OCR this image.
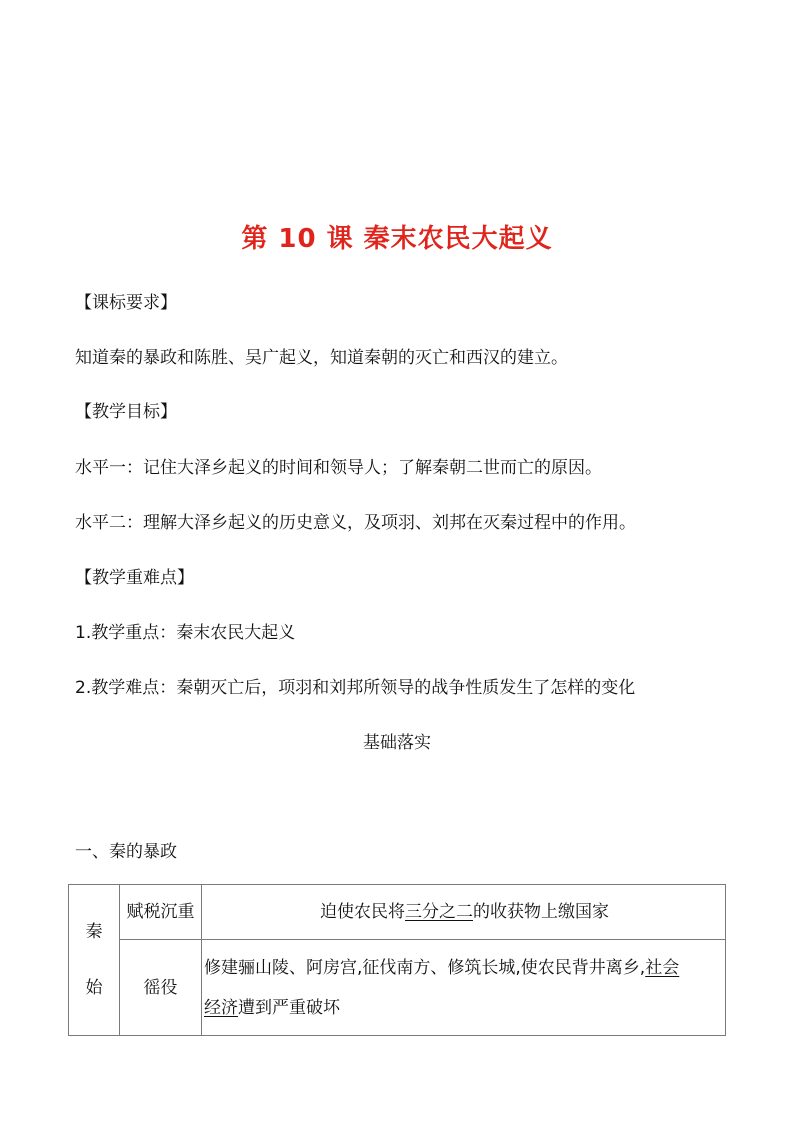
第 10 课 秦末农民大起义
【课标要求】
知道秦的暴政和陈胜、吴广起义，知道秦朝的灭亡和西汉的建立。
【教学目标】
水平一：记住大泽乡起义的时间和领导人；了解秦朝二世而亡的原因。
水平二：理解大泽乡起义的历史意义，及项羽、刘邦在灭秦过程中的作用。
【教学重难点】
1.教学重点：秦末农民大起义
2.教学难点：秦朝灭亡后，项羽和刘邦所领导的战争性质发生了怎样的变化
基础落实
一、秦的暴政
秦
始	赋税沉重	迫使农民将三分之二的收获物上缴国家
	徭役	修建骊山陵、阿房宫,征伐南方、修筑长城,使农民背井离乡,社会
经济遭到严重破坏
